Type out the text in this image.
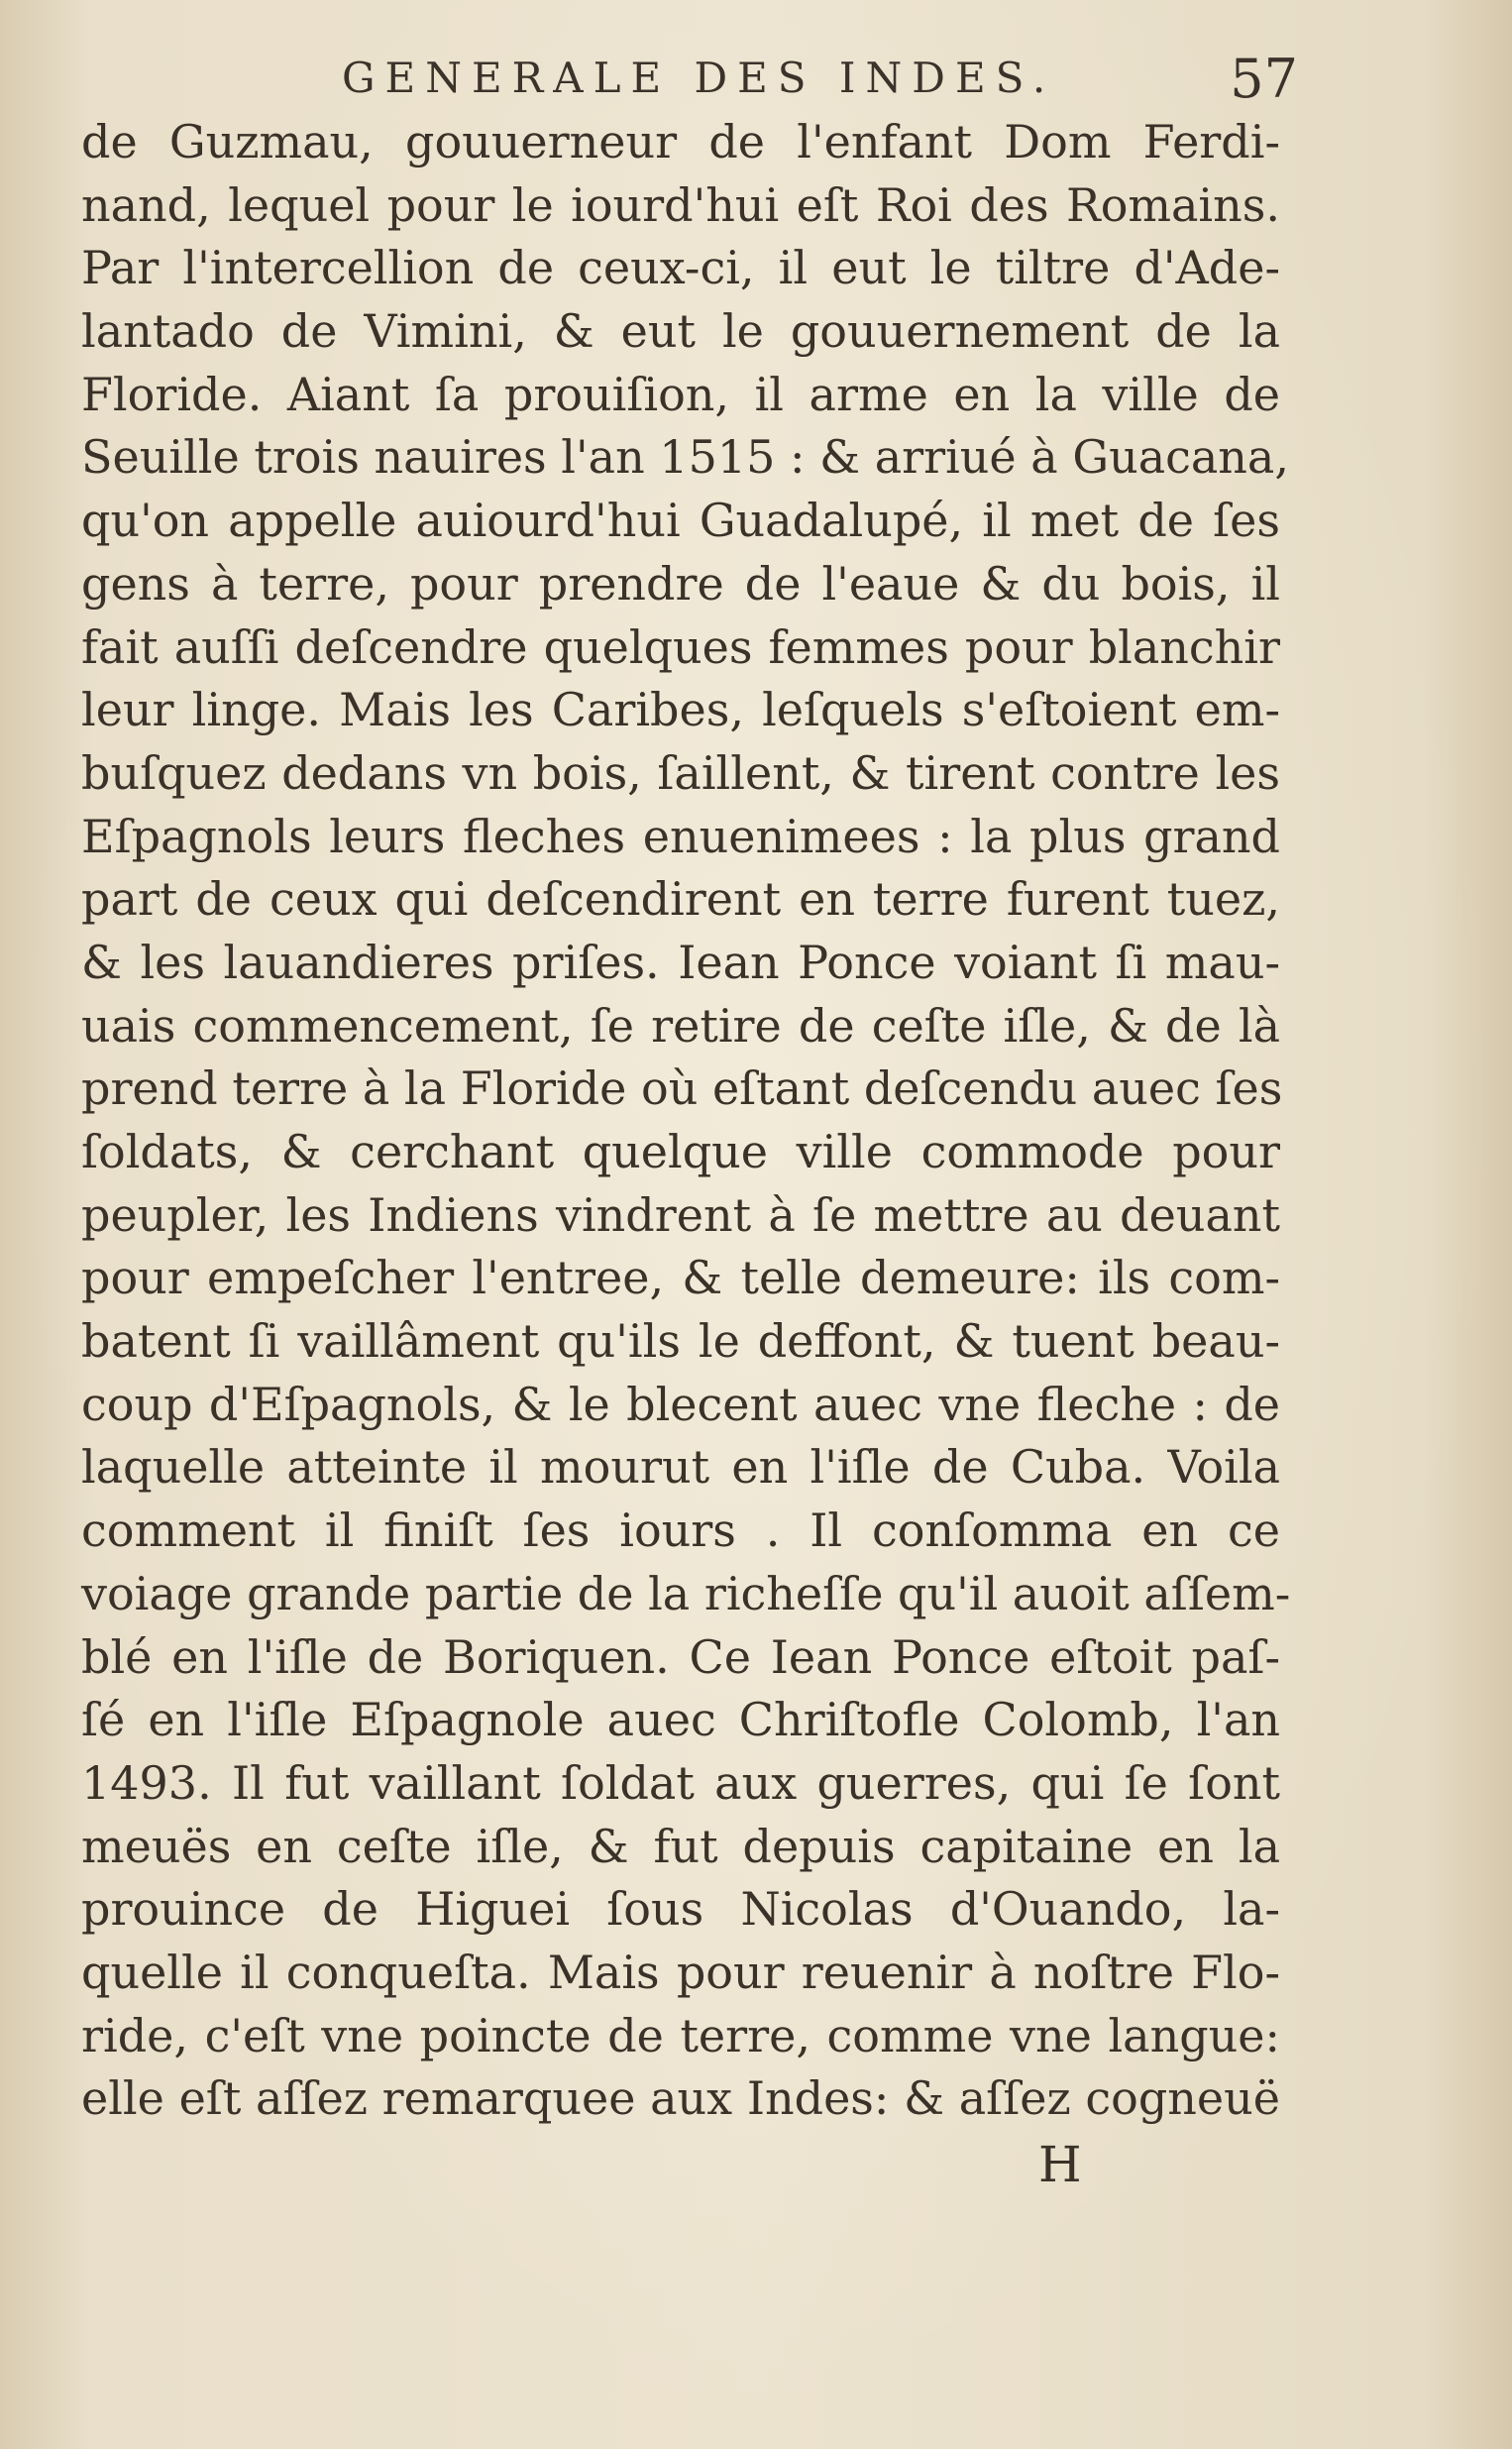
GENERALE DES INDES.	57
de Guzmau, gouuerneur de l'enfant Dom Ferdi-
nand, lequel pour le iourd'hui eſt Roi des Romains.
Par l'intercellion de ceux-ci, il eut le tiltre d'Ade-
lantado de Vimini, & eut le gouuernement de la
Floride. Aiant ſa prouiſion, il arme en la ville de
Seuille trois nauires l'an 1515 : & arriué à Guacana,
qu'on appelle auiourd'hui Guadalupé, il met de ſes
gens à terre, pour prendre de l'eaue & du bois, il
fait auſſi deſcendre quelques femmes pour blanchir
leur linge. Mais les Caribes, leſquels s'eſtoient em-
buſquez dedans vn bois, ſaillent, & tirent contre les
Eſpagnols leurs fleches enuenimees : la plus grand
part de ceux qui deſcendirent en terre furent tuez,
& les lauandieres priſes. Iean Ponce voiant ſi mau-
uais commencement, ſe retire de ceſte iſle, & de là
prend terre à la Floride où eſtant deſcendu auec ſes
ſoldats, & cerchant quelque ville commode pour
peupler, les Indiens vindrent à ſe mettre au deuant
pour empeſcher l'entree, & telle demeure: ils com-
batent ſi vaillâment qu'ils le deffont, & tuent beau-
coup d'Eſpagnols, & le blecent auec vne fleche : de
laquelle atteinte il mourut en l'iſle de Cuba. Voila
comment il finiſt ſes iours . Il conſomma en ce
voiage grande partie de la richeſſe qu'il auoit aſſem-
blé en l'iſle de Boriquen. Ce Iean Ponce eſtoit paſ-
ſé en l'iſle Eſpagnole auec Chriſtofle Colomb, l'an
1493. Il fut vaillant ſoldat aux guerres, qui ſe ſont
meuës en ceſte iſle, & fut depuis capitaine en la
prouince de Higuei ſous Nicolas d'Ouando, la-
quelle il conqueſta. Mais pour reuenir à noſtre Flo-
ride, c'eſt vne poincte de terre, comme vne langue:
elle eſt aſſez remarquee aux Indes: & aſſez cogneuë
H
